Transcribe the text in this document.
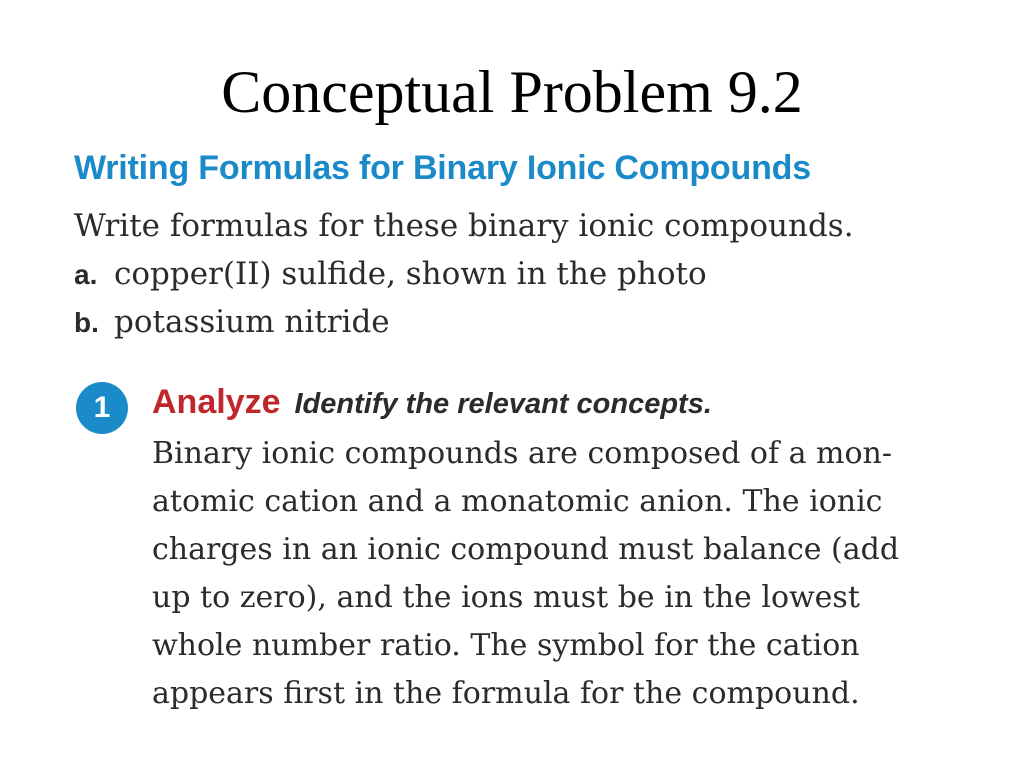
Conceptual Problem 9.2
Writing Formulas for Binary Ionic Compounds

Write formulas for these binary ionic compounds.

a. copper(II) sulfide, shown in the photo
b. potassium nitride
1	Analyze Identify the relevant concepts.
Binary ionic compounds are composed of a mon-
atomic cation and a monatomic anion. The ionic
charges in an ionic compound must balance (add
up to zero), and the ions must be in the lowest
whole number ratio. The symbol for the cation
appears first in the formula for the compound.
